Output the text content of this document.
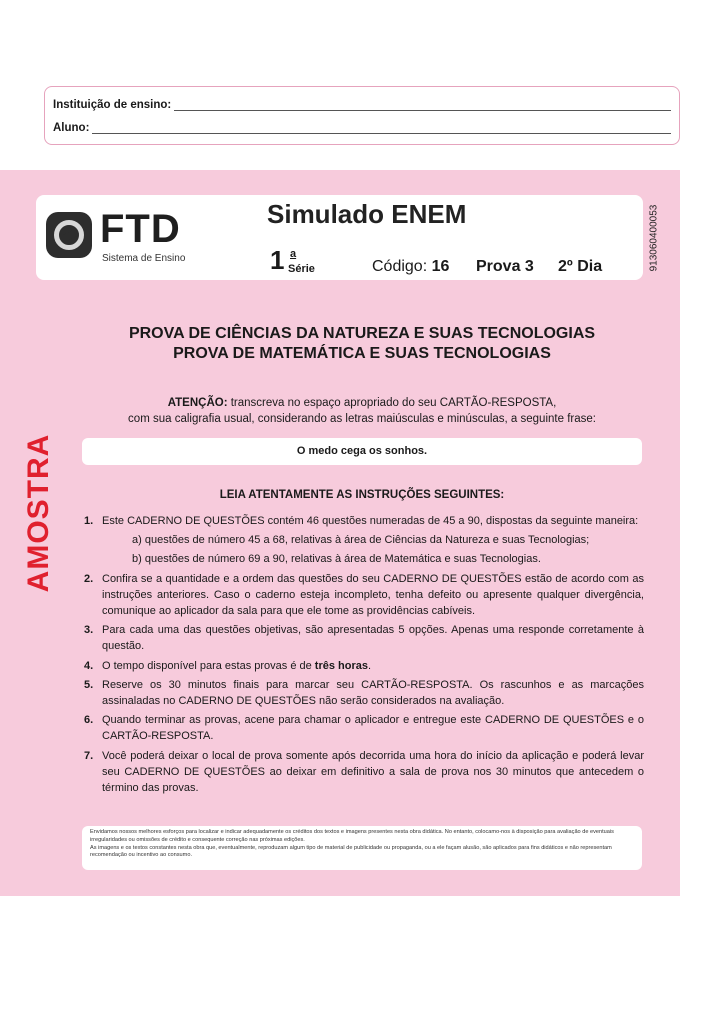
Instituição de ensino:
Aluno:
FTD
Sistema de Ensino
Simulado ENEM
1 a
Série	Código: 16 Prova 3 2º Dia	913060400053
AMOSTRA
PROVA DE CIÊNCIAS DA NATUREZA E SUAS TECNOLOGIAS
PROVA DE MATEMÁTICA E SUAS TECNOLOGIAS
ATENÇÃO: transcreva no espaço apropriado do seu CARTÃO-RESPOSTA,
com sua caligrafia usual, considerando as letras maiúsculas e minúsculas, a seguinte frase:
O medo cega os sonhos.
LEIA ATENTAMENTE AS INSTRUÇÕES SEGUINTES:
1. Este CADERNO DE QUESTÕES contém 46 questões numeradas de 45 a 90, dispostas da seguinte maneira:
a) questões de número 45 a 68, relativas à área de Ciências da Natureza e suas Tecnologias;
b) questões de número 69 a 90, relativas à área de Matemática e suas Tecnologias.
2. Confira se a quantidade e a ordem das questões do seu CADERNO DE QUESTÕES estão de acordo com as instruções anteriores. Caso o caderno esteja incompleto, tenha defeito ou apresente qualquer divergência, comunique ao aplicador da sala para que ele tome as providências cabíveis.
3. Para cada uma das questões objetivas, são apresentadas 5 opções. Apenas uma responde corretamente à questão.
4. O tempo disponível para estas provas é de três horas.
5. Reserve os 30 minutos finais para marcar seu CARTÃO-RESPOSTA. Os rascunhos e as marcações assinaladas no CADERNO DE QUESTÕES não serão considerados na avaliação.
6. Quando terminar as provas, acene para chamar o aplicador e entregue este CADERNO DE QUESTÕES e o CARTÃO-RESPOSTA.
7. Você poderá deixar o local de prova somente após decorrida uma hora do início da aplicação e poderá levar seu CADERNO DE QUESTÕES ao deixar em definitivo a sala de prova nos 30 minutos que antecedem o término das provas.
Envidamos nossos melhores esforços para localizar e indicar adequadamente os créditos dos textos e imagens presentes nesta obra didática. No entanto, colocamo-nos à disposição para avaliação de eventuais irregularidades ou omissões de crédito e consequente correção nas próximas edições.
As imagens e os textos constantes nesta obra que, eventualmente, reproduzam algum tipo de material de publicidade ou propaganda, ou a ele façam alusão, são aplicados para fins didáticos e não representam recomendação ou incentivo ao consumo.
